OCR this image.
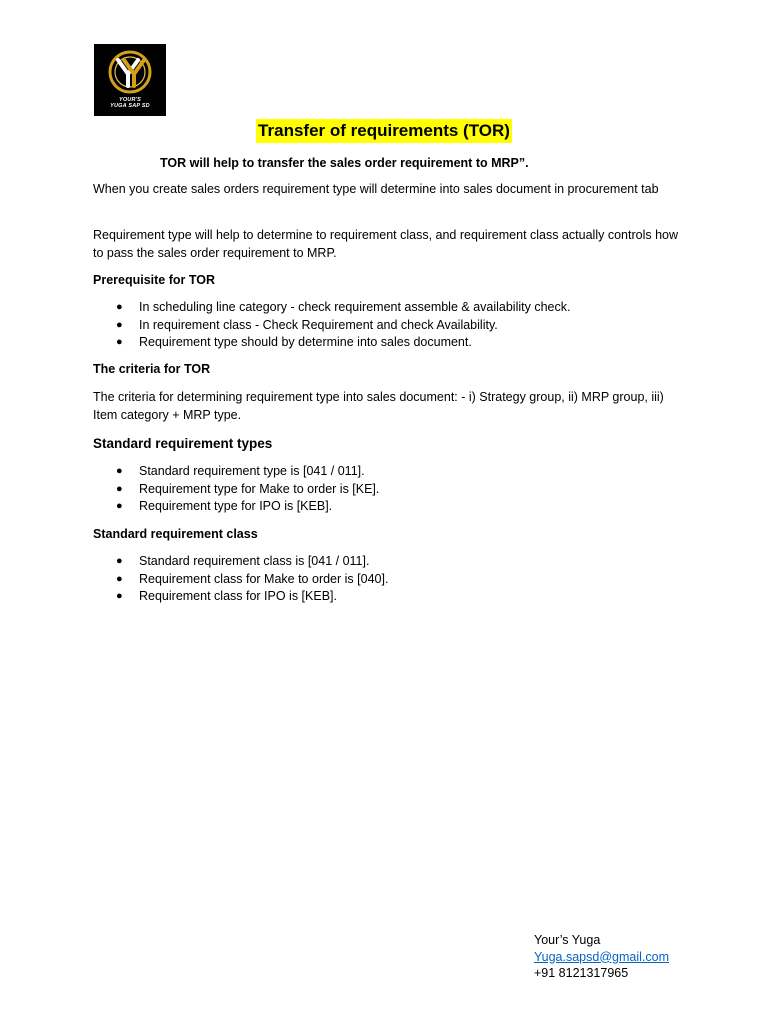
YOUR'S
YUGA SAP SD
Transfer of requirements (TOR)
TOR will help to transfer the sales order requirement to MRP”.

When you create sales orders requirement type will determine into sales document in procurement tab

Requirement type will help to determine to requirement class, and requirement class actually controls how to pass the sales order requirement to MRP.

Prerequisite for TOR
● In scheduling line category - check requirement assemble & availability check.
● In requirement class - Check Requirement and check Availability.
● Requirement type should by determine into sales document.
The criteria for TOR

The criteria for determining requirement type into sales document: - i) Strategy group, ii) MRP group, iii) Item category + MRP type.

Standard requirement types
● Standard requirement type is [041 / 011].
● Requirement type for Make to order is [KE].
● Requirement type for IPO is [KEB].
Standard requirement class
● Standard requirement class is [041 / 011].
● Requirement class for Make to order is [040].
● Requirement class for IPO is [KEB].
Your’s Yuga
Yuga.sapsd@gmail.com
+91 8121317965
